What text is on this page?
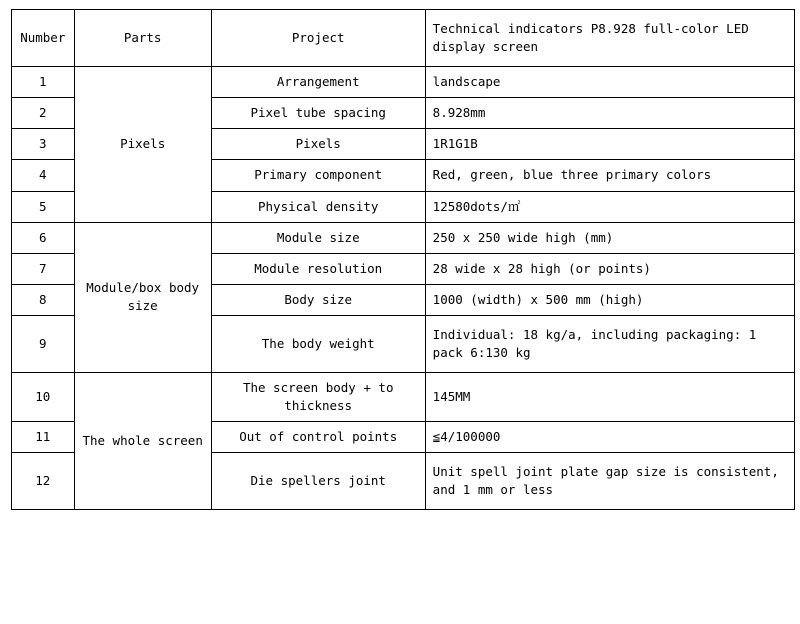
Number	Parts	Project	Technical indicators P8.928 full-color LED display screen
1	Pixels	Arrangement	landscape
2		Pixel tube spacing	8.928mm
3		Pixels	1R1G1B
4		Primary component	Red, green, blue three primary colors
5		Physical density	12580dots/㎡
6	Module/box body size	Module size	250 x 250 wide high (mm)
7		Module resolution	28 wide x 28 high (or points)
8		Body size	1000 (width) x 500 mm (high)
9		The body weight	Individual: 18 kg/a, including packaging: 1 pack 6:130 kg
10	The whole screen	The screen body + to thickness	145MM
11		Out of control points	≦4/100000
12		Die spellers joint	Unit spell joint plate gap size is consistent, and 1 mm or less
